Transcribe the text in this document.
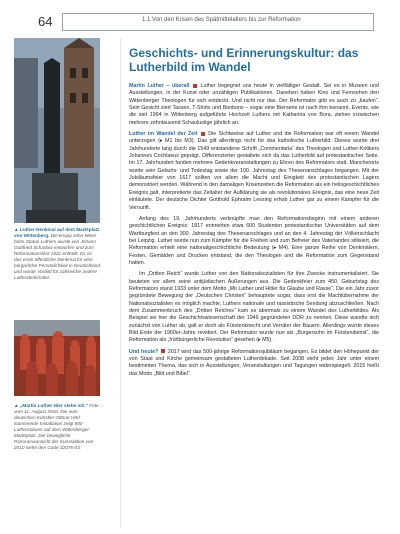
64	1.1 Von den Krisen des Spätmittelalters bis zur Reformation
▲ Luther-Denkmal auf dem Marktplatz von Wittenberg. Die knapp zehn Meter hohe Statue Luthers wurde von Johann Gottfried Schadow entworfen und zum Reformationsfest 1821 enthüllt. Es ist das erste öffentliche Denkmal für eine bürgerliche Persönlichkeit in Deutschland und wurde Vorbild für zahlreiche andere Lutherdenkmäler.
▲ „Martin Luther Hier stehe ich.“ Foto vom 11. August 2010. Die vom deutschen Künstler Ottmar Hörl stammende Installation zeigt 800 Lutherstatuen auf dem Wittenberger Marktplatz. Der bewegliche Panoramaansicht der Kunstaktion von 2010 siehe den Code 32075-03.
Geschichts- und Erinnerungskultur: das Lutherbild im Wandel

Martin Luther – überall Luther begegnet uns heute in vielfältiger Gestalt. Sei es in Museen und Ausstellungen, in der Kunst oder unzähligen Publikationen. Daneben haben Kino und Fernsehen den Wittenberger Theologen für sich entdeckt. Und nicht nur das. Der Reformator gibt es auch zu „kaufen“. Sein Gesicht ziert Tassen, T-Shirts und Bonbons – sogar eine Bierserie ist nach ihm benannt. Events, wie die seit 1994 in Wittenberg aufgeführte Hochzeit Luthers mit Katharina von Bora, ziehen inzwischen mehrere zehntausend Schaulustige jährlich an.

Luther im Wandel der Zeit Die Sichtweise auf Luther und die Reformation war oft einem Wandel unterzogen (▸ M1 bis M3). Das gilt allerdings nicht für das katholische Lutherbild. Dieses wurde drei Jahrhunderte lang durch die 1549 entstandene Schrift „Commentaria“ des Theologen und Luther-Kritikers Johannes Cochlaeus geprägt. Differenzierter gestaltete sich da das Lutherbild auf protestantischer Seite. Im 17. Jahrhundert fanden mehrere Gedenkveranstaltungen zu Ehren des Reformators statt. Mancherorts wurde sein Geburts- und Todestag sowie der 100. Jahrestag des Thesenanschlages begangen. Mit der Jubiläumsfeier von 1617 sollten vor allem die Macht und Einigkeit des protestantischen Lagers demonstriert werden. Während in den damaligen Krisenzeiten die Reformation als ein heilsgeschichtliches Ereignis galt, interpretierte das Zeitalter der Aufklärung sie als revolutionäres Ereignis, das eine neue Zeit einläutete. Der deutsche Dichter Gotthold Ephraim Lessing erhob Luther gar zu einem Kämpfer für die Vernunft.

Anfang des 19. Jahrhunderts verknüpfte man den Reformationsbeginn mit einem anderen geschichtlichen Ereignis: 1817 erinnerten etwa 600 Studenten protestantischer Universitäten auf dem Wartburgfest an den 300. Jahrestag des Thesenanschlages und an den 4. Jahrestag der Völkerschlacht bei Leipzig. Luther wurde nun zum Kämpfer für die Freiheit und zum Befreier des Vaterlandes stilisiert, die Reformation erhielt eine nationalgeschichtliche Bedeutung (▸ M4). Eine ganze Reihe von Denkmälern, Festen, Gemälden und Drucken entstand, die den Theologen und die Reformation zum Gegenstand hatten.

Im „Dritten Reich“ wurde Luther von den Nationalsozialisten für ihre Zwecke instrumentalisiert. Sie beuteten vor allem seine antijüdischen Äußerungen aus. Die Gedenkfeier zum 450. Geburtstag des Reformators stand 1933 unter dem Motto „Mit Luther und Hitler für Glaube und Rasse“. Die ein Jahr zuvor gegründete Bewegung der „Deutschen Christen“ behauptete sogar, dass erst die Machtübernahme der Nationalsozialisten es möglich machte, Luthers nationale und rassistische Sendung abzuschließen. Nach dem Zusammenbruch des „Dritten Reiches“ kam es abermals zu einem Wandel des Lutherbildes. Als Beispiel sei hier die Geschichtswissenschaft der 1949 gegründeten DDR zu nennen. Diese wandte sich zunächst von Luther ab, galt er doch als Fürstenknecht und Verräter der Bauern. Allerdings wurde dieses Bild Ende der 1960er-Jahre revidiert. Der Reformator wurde nun als „Bürgersohn im Fürstendienst“, die Reformation als „frühbürgerliche Revolution“ gesehen (▸ M5).

Und heute? 2017 wird das 500-jährige Reformationsjubiläum begangen. Es bildet den Höhepunkt der von Staat und Kirche gemeinsam gestalteten Lutherdekade. Seit 2008 steht jedes Jahr unter einem bestimmten Thema, das sich in Ausstellungen, Veranstaltungen und Tagungen widerspiegelt. 2015 heißt das Motto „Bild und Bibel“.
